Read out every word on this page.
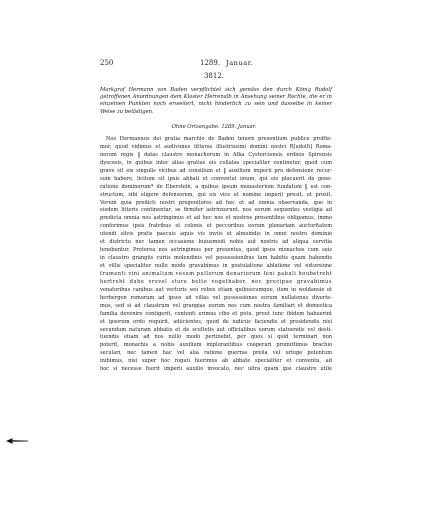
250	1289. Januar.
3812.
Markgraf Hermann von Baden verpflichtet sich gemäss den durch König Rudolf getroffenen Anordnungen dem Kloster Herrenalb in Ansehung seiner Rechte, die er in einzelnen Punkten noch erweitert, nicht hinderlich zu sein und dasselbe in keiner Weise zu belästigen.
Ohne Ortsangabe. 1289. Januar.
Nos Hermannus dei gratia marchio de Baden tenore presentium publice profite-
mur, quod vidimus et audivimus litteras illustrissimi domini nostri R[udolfi] Roma-
norum regis ‖ datas claustro monachorum in Alba Cysterciensis ordinis Spirensis
dyocesis, in quibus inter alias gratias eis collatas specialiter continetur, quod cum
grave sit eis singulis vicibus ad consilium et ‖ auxilium imperii pro defensione recur-
sum habere, licitum sit ipsis abbati et conventui unum, qui eis placuerit de gene-
ratione dominorum* de Eberstein, a quibus ipsum monasterium fundatum ‖ est con-
structum, sibi eligere defensorem, qui eis vice et nomine imperii presit, ut prosit.
Verum quia predicti nostri progenitores ad hec et ad omnia observanda, que in
eisdem litteris continentur, se firmiter astrinxerunt, nos eorum sequentes vestigia ad
predicta omnia nos astringimus et ad hec nos et nostros presentibus obligamus, immo
conferimus ipsis fratribus et colonis et peccoribus eorum plenariam auctoritatem
utendi silvis pratis pascuis aquis vis inviis et almeindis in omni nostro dominio
et districtu nec tamen occasione huiusmodi nobis aut nostris ad aliqua servitia
tenebuntur. Preterea nos astringimus per presentes, quod ipsos monachos cum suis
in claustro grangiis curiis molendinis vel possessionibus tam habitis quam habendis
et villis specialiter nullo modo gravabimus in postulatione ablatione vel extorsione
frumenti vini animalium vesum pullorum denariorum feni pabuli houbetreht
hertreht dube vrevel sture bette vogethaber, nec precipue gravabimus
venatoribus canibus aut vecturis seu rebus etiam quibuscumque, item in woldansie et
herbergen remorum ad ipsos ad villas vel possessiones eorum nullatenus diverte-
mus, sed si ad claustrum vel grangias eorum nos cum nostra familiari et domestica
familia devenire contigerit, contenti erimus cibo et potu, prout tunc ibidem habuerint
et ipsorum ordo requirit, adiicientes, quod de iudiciis faciendis et presidendis nisi
secundum naturam abbatis et de scultetis aut officialibus eorum statuendis vel desti-
tuendis etiam ad nos nullo modo pertinebit, per quos si quid terminari non
poterit, monachis a nobis auxilium implorantibus cooperari promittimus brachio
seculari, nec tamen hac vel alia ratione guerras prelia vel urluge potentum
inibimus, nisi super hoc rogati fuerimus ab abbate specialiter et conventu, ad
hoc si necesse fuerit imperii auxilio invocato, nec ultra quam ipsi claustro utile
